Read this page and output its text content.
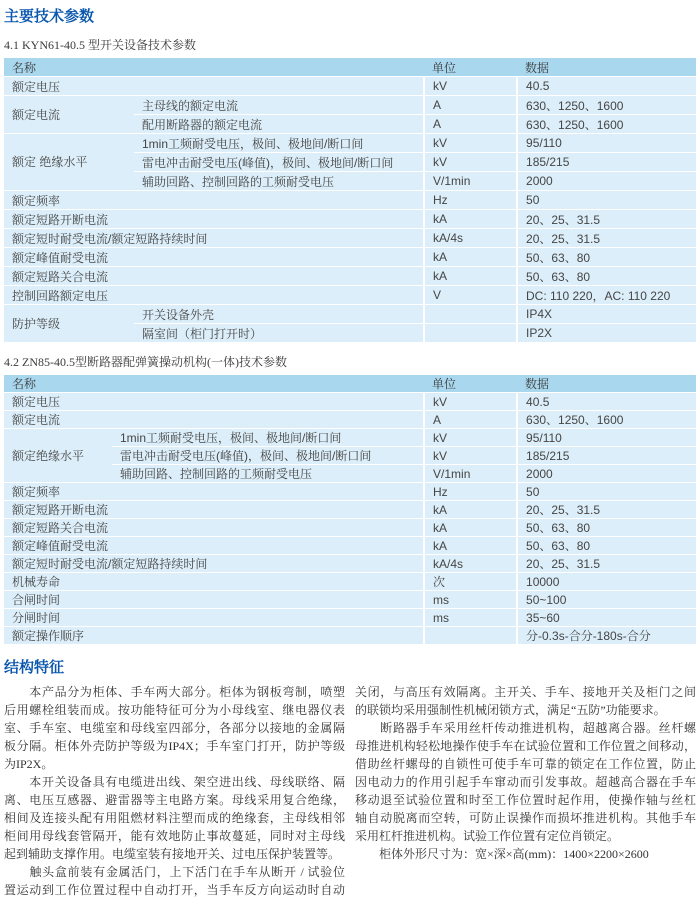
主要技术参数
4.1 KYN61-40.5 型开关设备技术参数
名称		单位	数据
额定电压		kV	40.5
额定电流	主母线的额定电流	A	630、1250、1600
	配用断路器的额定电流	A	630、1250、1600
额定 绝缘水平	1min工频耐受电压，极间、极地间/断口间	kV	95/110
	雷电冲击耐受电压(峰值)，极间、极地间/断口间	kV	185/215
	辅助回路、控制回路的工频耐受电压	V/1min	2000
额定频率		Hz	50
额定短路开断电流		kA	20、25、31.5
额定短时耐受电流/额定短路持续时间		kA/4s	20、25、31.5
额定峰值耐受电流		kA	50、63、80
额定短路关合电流		kA	50、63、80
控制回路额定电压		V	DC: 110 220，AC: 110 220
防护等级	开关设备外壳		IP4X
	隔室间（柜门打开时）		IP2X
4.2 ZN85-40.5型断路器配弹簧操动机构(一体)技术参数
名称		单位	数据
额定电压		kV	40.5
额定电流		A	630、1250、1600
额定绝缘水平	1min工频耐受电压，极间、极地间/断口间	kV	95/110
	雷电冲击耐受电压(峰值)，极间、极地间/断口间	kV	185/215
	辅助回路、控制回路的工频耐受电压	V/1min	2000
额定频率		Hz	50
额定短路开断电流		kA	20、25、31.5
额定短路关合电流		kA	50、63、80
额定峰值耐受电流		kA	50、63、80
额定短时耐受电流/额定短路持续时间		kA/4s	20、25、31.5
机械寿命		次	10000
合闸时间		ms	50~100
分闸时间		ms	35~60
额定操作顺序			分-0.3s-合分-180s-合分
结构特征
　　本产品分为柜体、手车两大部分。柜体为钢板弯制，喷塑
后用螺栓组装而成。按功能特征可分为小母线室、继电器仪表
室、手车室、电缆室和母线室四部分，各部分以接地的金属隔
板分隔。柜体外壳防护等级为IP4X；手车室门打开，防护等级
为IP2X。
　　本开关设备具有电缆进出线、架空进出线、母线联络、隔
离、电压互感器、避雷器等主电路方案。母线采用复合绝缘，
相间及连接头配有用阻燃材料注塑而成的绝缘套，主母线相邻
柜间用母线套管隔开，能有效地防止事故蔓延，同时对主母线
起到辅助支撑作用。电缆室装有接地开关、过电压保护装置等。
　　触头盒前装有金属活门，上下活门在手车从断开 / 试验位
置运动到工作位置过程中自动打开，当手车反方向运动时自动
关闭，与高压有效隔离。主开关、手车、接地开关及柜门之间
的联锁均采用强制性机械闭锁方式，满足“五防”功能要求。
　　断路器手车采用丝杆传动推进机构，超越离合器。丝杆螺
母推进机构轻松地操作使手车在试验位置和工作位置之间移动，
借助丝杆螺母的自锁性可使手车可靠的锁定在工作位置，防止
因电动力的作用引起手车窜动而引发事故。超越高合器在手车
移动退至试验位置和时至工作位置时起作用，使操作轴与丝杠
轴自动脱离而空转，可防止误操作而损坏推进机构。其他手车
采用杠杆推进机构。试验工作位置有定位肖锁定。
　　柜体外形尺寸为：宽×深×高(mm)：1400×2200×2600
